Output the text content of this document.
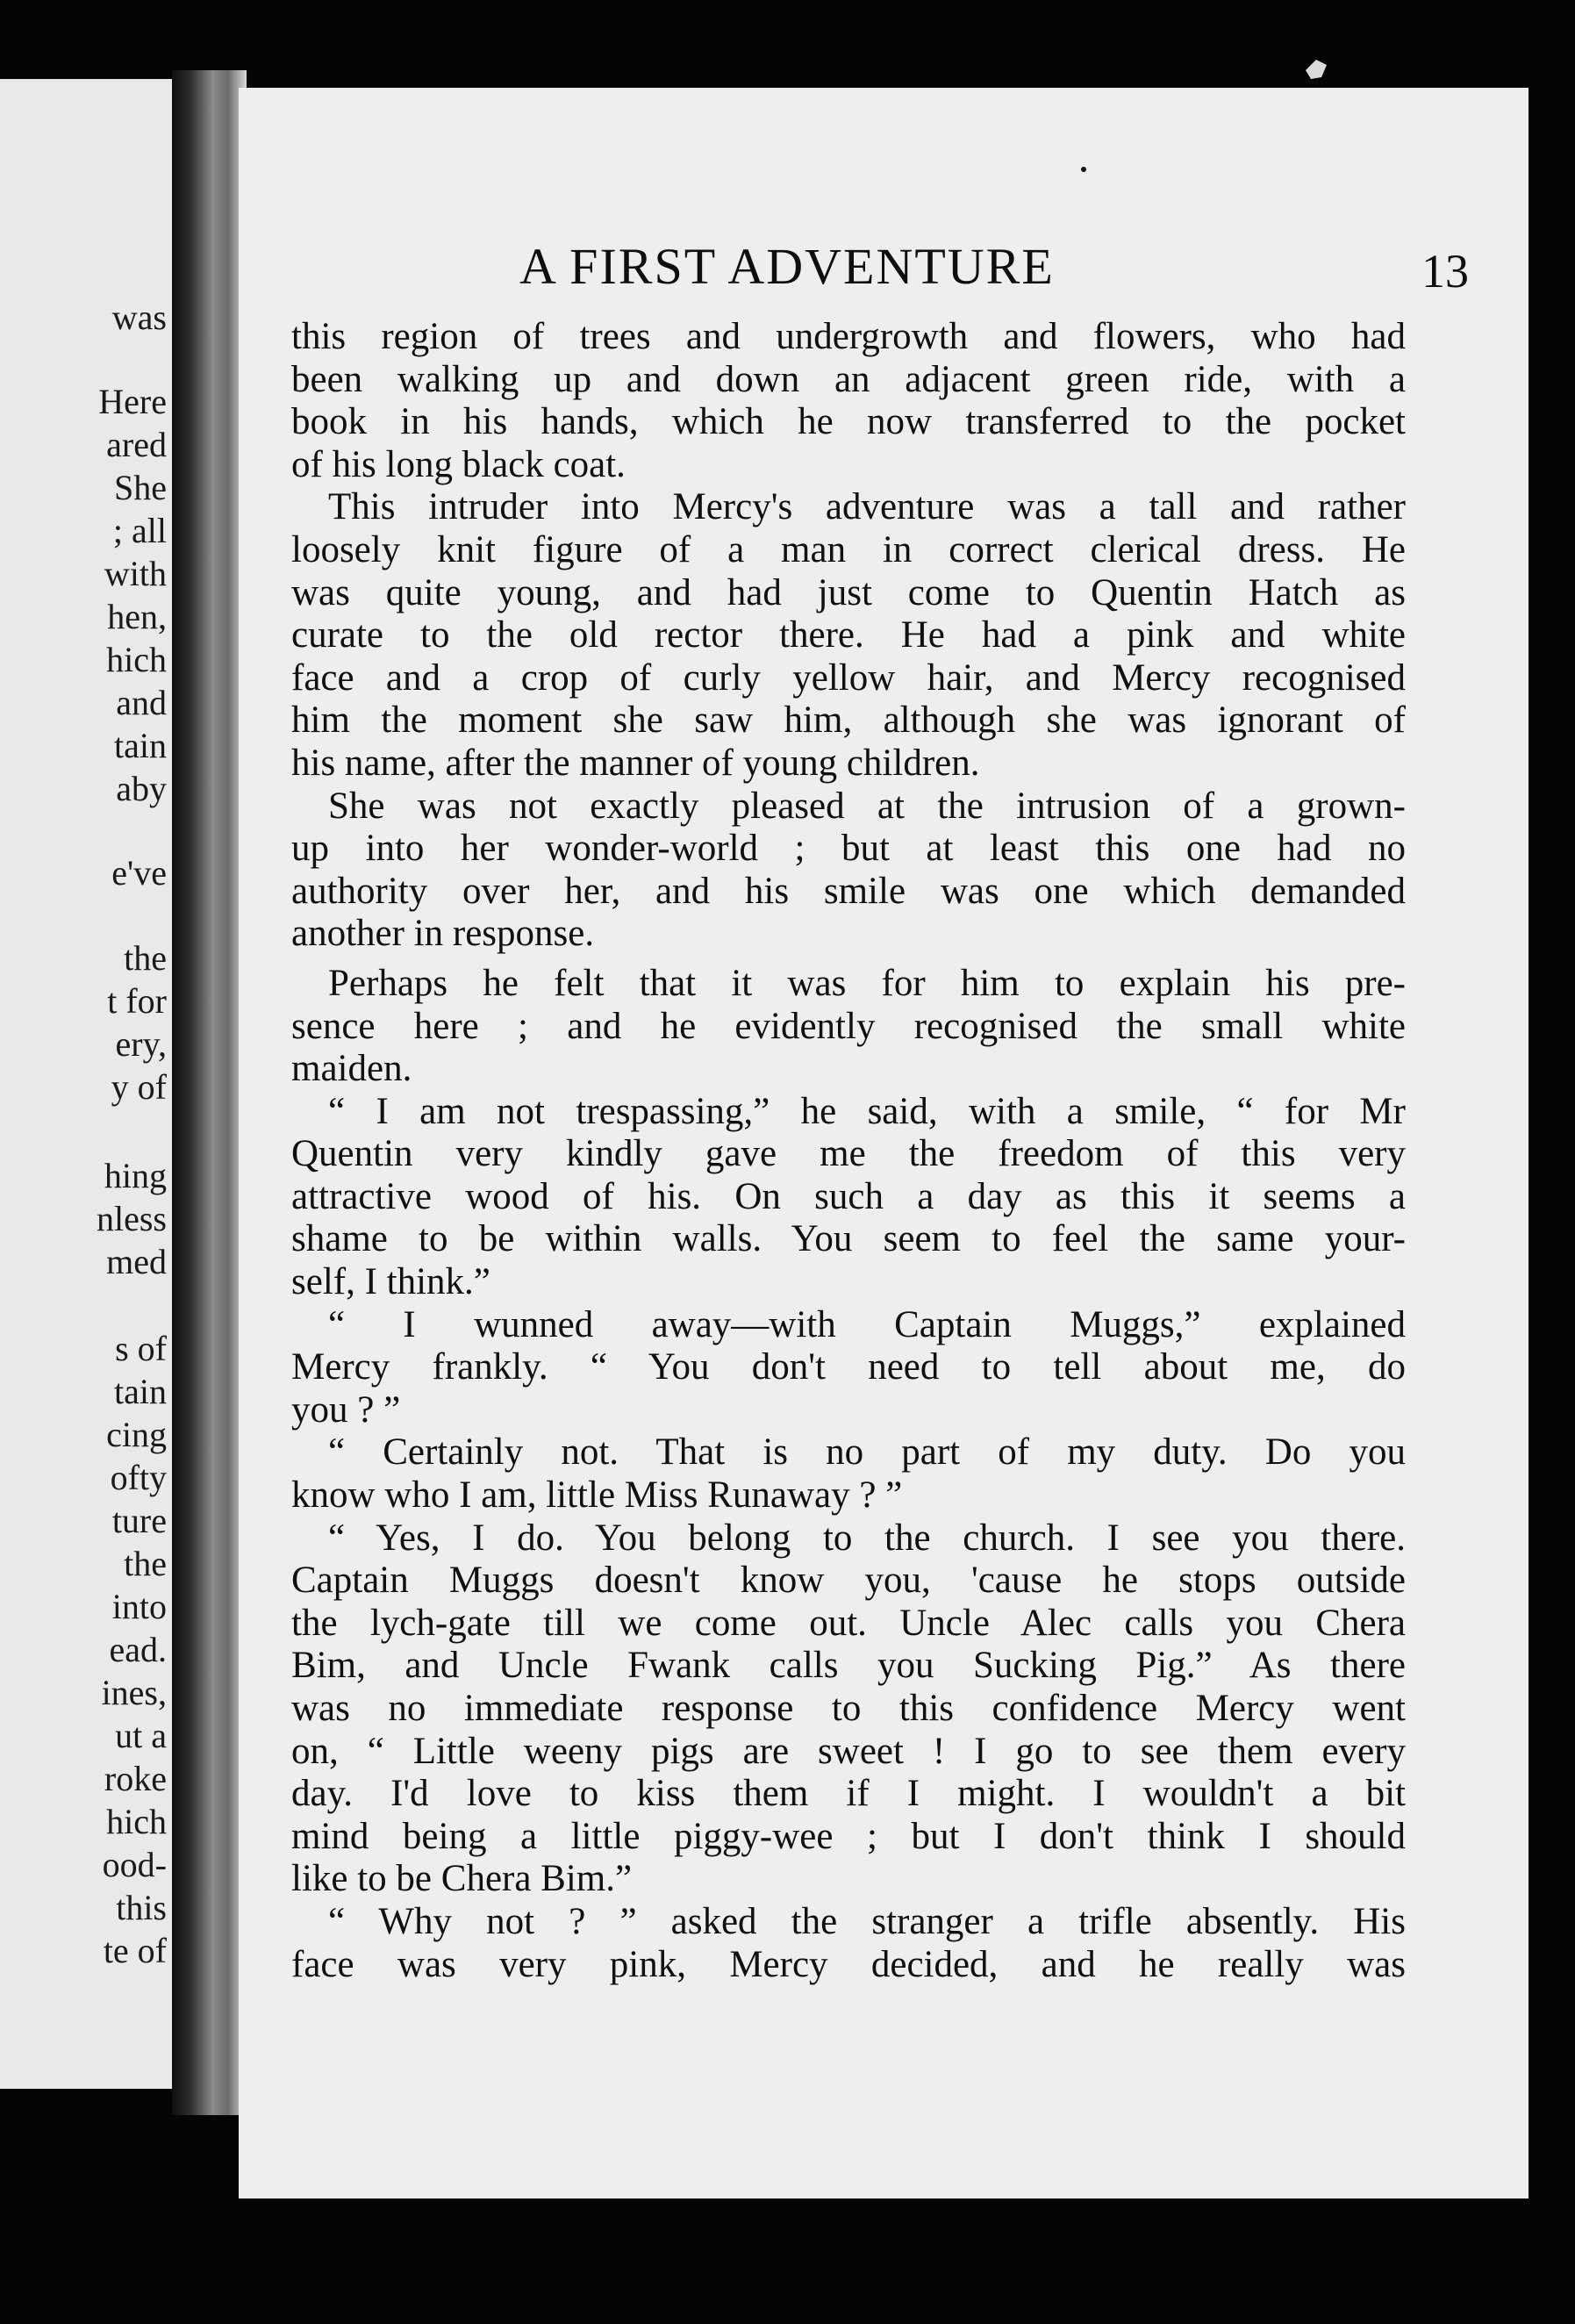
was
Here
ared
She
; all
with
hen,
hich
and
tain
aby
e've
the
t for
ery,
y of
hing
nless
med
s of
tain
cing
ofty
ture
the
into
ead.
ines,
ut a
roke
hich
ood-
this
te of
A FIRST ADVENTURE	13
this region of trees and undergrowth and flowers, who had
been walking up and down an adjacent green ride, with a
book in his hands, which he now transferred to the pocket
of his long black coat.
This intruder into Mercy's adventure was a tall and rather
loosely knit figure of a man in correct clerical dress. He
was quite young, and had just come to Quentin Hatch as
curate to the old rector there. He had a pink and white
face and a crop of curly yellow hair, and Mercy recognised
him the moment she saw him, although she was ignorant of
his name, after the manner of young children.
She was not exactly pleased at the intrusion of a grown-
up into her wonder-world ; but at least this one had no
authority over her, and his smile was one which demanded
another in response.
Perhaps he felt that it was for him to explain his pre-
sence here ; and he evidently recognised the small white
maiden.
“ I am not trespassing,” he said, with a smile, “ for Mr
Quentin very kindly gave me the freedom of this very
attractive wood of his. On such a day as this it seems a
shame to be within walls. You seem to feel the same your-
self, I think.”
“ I wunned away—with Captain Muggs,” explained
Mercy frankly. “ You don't need to tell about me, do
you ? ”
“ Certainly not. That is no part of my duty. Do you
know who I am, little Miss Runaway ? ”
“ Yes, I do. You belong to the church. I see you there.
Captain Muggs doesn't know you, 'cause he stops outside
the lych-gate till we come out. Uncle Alec calls you Chera
Bim, and Uncle Fwank calls you Sucking Pig.” As there
was no immediate response to this confidence Mercy went
on, “ Little weeny pigs are sweet ! I go to see them every
day. I'd love to kiss them if I might. I wouldn't a bit
mind being a little piggy-wee ; but I don't think I should
like to be Chera Bim.”
“ Why not ? ” asked the stranger a trifle absently. His
face was very pink, Mercy decided, and he really was
